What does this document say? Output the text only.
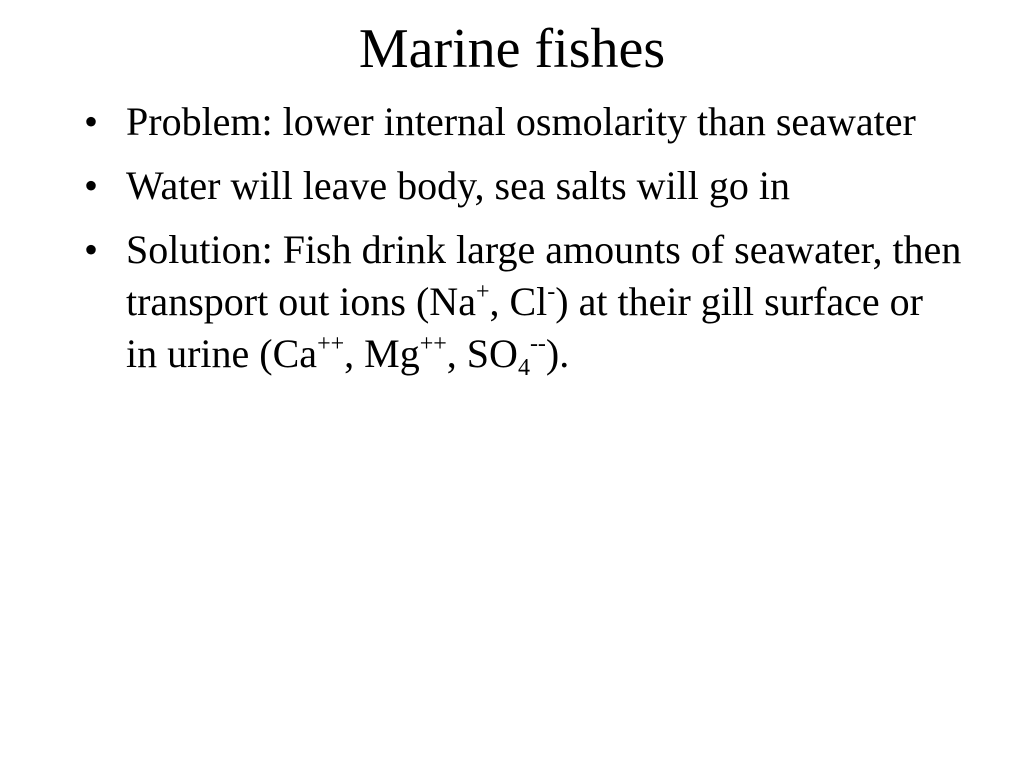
Marine fishes
• Problem: lower internal osmolarity than seawater
• Water will leave body, sea salts will go in
• Solution: Fish drink large amounts of seawater, then transport out ions (Na+, Cl-) at their gill surface or in urine (Ca++, Mg++, $SO_4^{--}$).
